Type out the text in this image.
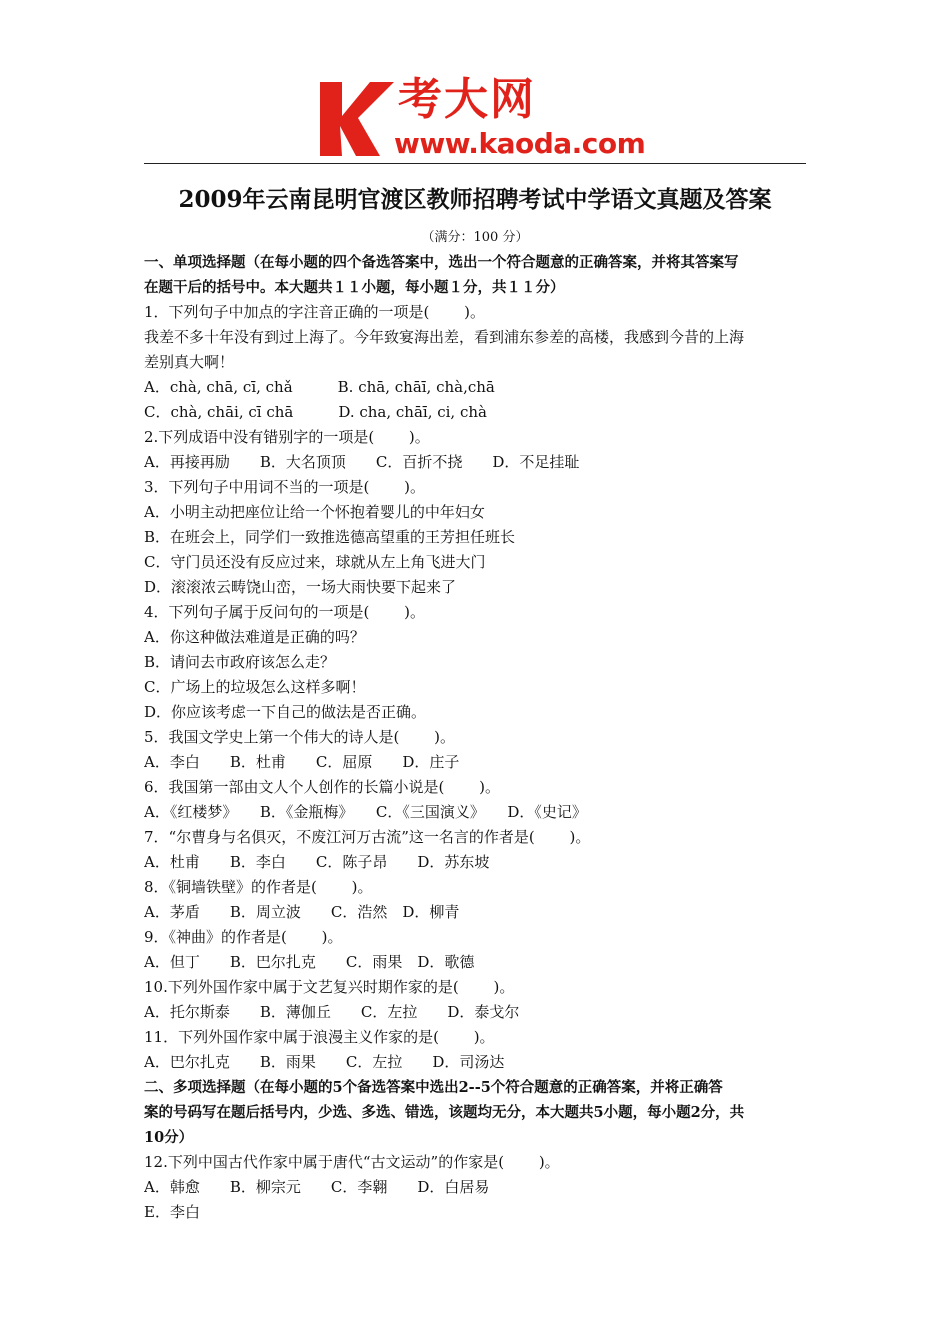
考大网
www.kaoda.com
2009年云南昆明官渡区教师招聘考试中学语文真题及答案
（满分：100 分）
一、单项选择题（在每小题的四个备选答案中，选出一个符合题意的正确答案，并将其答案写
在题干后的括号中。本大题共１１小题，每小题１分，共１１分）
1．下列句子中加点的字注音正确的一项是(　　 )。
我差不多十年没有到过上海了。今年致宴海出差，看到浦东参差的高楼，我感到今昔的上海
差别真大啊！
A．chà, chā, cī, chǎ　　　B. chā, chāī, chà,chā
C．chà, chāi, cī chā　　　D. cha, chāī, ci, chà
2.下列成语中没有错别字的一项是(　　 )。
A．再接再励　　B．大名顶顶　　C．百折不挠　　D．不足挂耻
3．下列句子中用词不当的一项是(　　 )。
A．小明主动把座位让给一个怀抱着婴儿的中年妇女
B．在班会上，同学们一致推选德高望重的王芳担任班长
C．守门员还没有反应过来，球就从左上角飞进大门
D．滚滚浓云畴饶山峦，一场大雨快要下起来了
4．下列句子属于反问句的一项是(　　 )。
A．你这种做法难道是正确的吗？
B．请问去市政府该怎么走？
C．广场上的垃圾怎么这样多啊！
D．你应该考虑一下自己的做法是否正确。
5．我国文学史上第一个伟大的诗人是(　　 )。
A．李白　　B．杜甫　　C．屈原　　D．庄子
6．我国第一部由文人个人创作的长篇小说是(　　 )。
A．《红楼梦》　　B．《金瓶梅》　　C．《三国演义》　　D．《史记》
7．“尔曹身与名俱灭，不废江河万古流”这一名言的作者是(　　 )。
A．杜甫　　B．李白　　C．陈子昂　　D．苏东坡
8．《铜墙铁壁》的作者是(　　 )。
A．茅盾　　B．周立波　　C．浩然　D．柳青
9．《神曲》的作者是(　　 )。
A．但丁　　B．巴尔扎克　　C．雨果　D．歌德
10.下列外国作家中属于文艺复兴时期作家的是(　　 )。
A．托尔斯泰　　B．薄伽丘　　C．左拉　　D．泰戈尔
11．下列外国作家中属于浪漫主义作家的是(　　 )。
A．巴尔扎克　　B．雨果　　C．左拉　　D．司汤达
二、多项选择题（在每小题的5个备选答案中选出2--5个符合题意的正确答案，并将正确答
案的号码写在题后括号内，少选、多选、错选，该题均无分，本大题共5小题，每小题2分，共
10分）
12.下列中国古代作家中属于唐代“古文运动”的作家是(　　 )。
A．韩愈　　B．柳宗元　　C．李翱　　D．白居易
E．李白
